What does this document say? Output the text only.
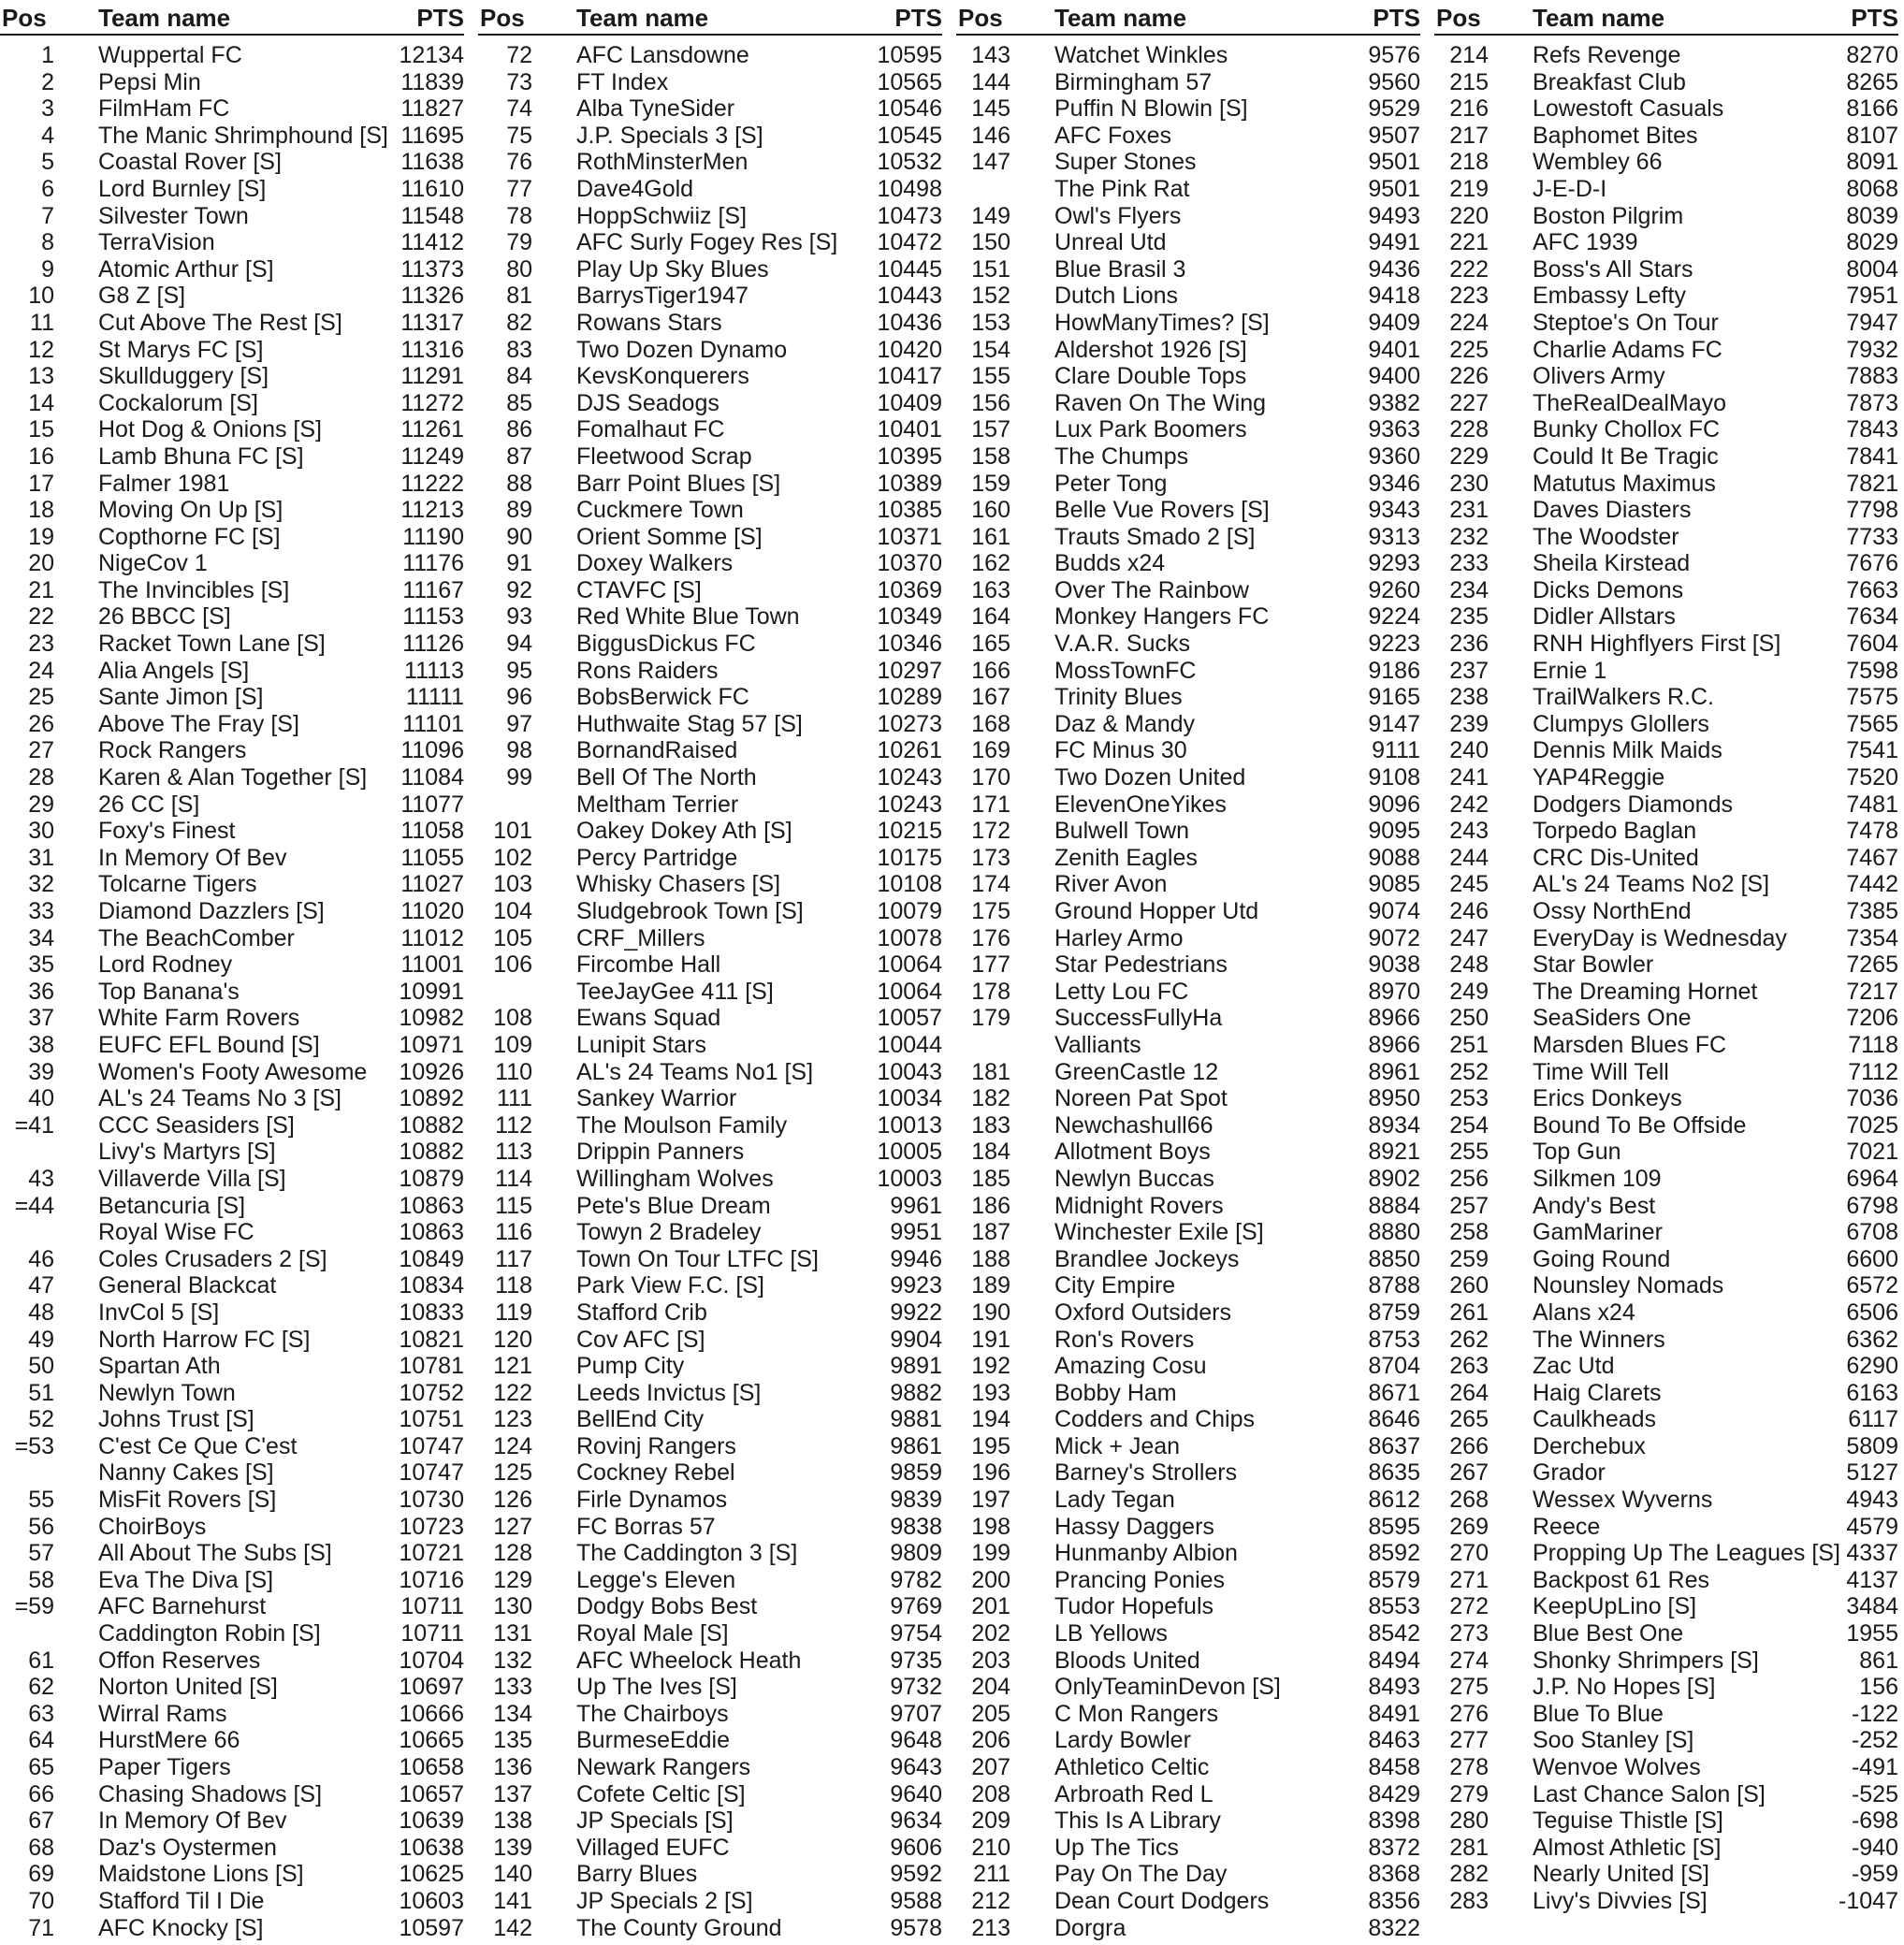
Pos	Team name	PTS
1 Wuppertal FC	12134
2 Pepsi Min	11839
3 FilmHam FC	11827
4 The Manic Shrimphound [S] 11695
5 Coastal Rover [S]	11638
6 Lord Burnley [S]	11610
7 Silvester Town	11548
8 TerraVision	11412
9 Atomic Arthur [S]	11373
10 G8 Z [S]	11326
11 Cut Above The Rest [S]	11317
12 St Marys FC [S]	11316
13 Skullduggery [S]	11291
14 Cockalorum [S]	11272
15 Hot Dog & Onions [S]	11261
16 Lamb Bhuna FC [S]	11249
17 Falmer 1981	11222
18 Moving On Up [S]	11213
19 Copthorne FC [S]	11190
20 NigeCov 1	11176
21 The Invincibles [S]	11167
22 26 BBCC [S]	11153
23 Racket Town Lane [S]	11126
24 Alia Angels [S]	11113
25 Sante Jimon [S]	11111
26 Above The Fray [S]	11101
27 Rock Rangers	11096
28 Karen & Alan Together [S] 11084
29 26 CC [S]	11077
30 Foxy's Finest	11058
31 In Memory Of Bev	11055
32 Tolcarne Tigers	11027
33 Diamond Dazzlers [S]	11020
34 The BeachComber	11012
35 Lord Rodney	11001
36 Top Banana's	10991
37 White Farm Rovers	10982
38 EUFC EFL Bound [S]	10971
39 Women's Footy Awesome 10926
40 AL's 24 Teams No 3 [S] 10892
=41 CCC Seasiders [S]	10882
Livy's Martyrs [S]	10882
43 Villaverde Villa [S]	10879
=44 Betancuria [S]	10863
Royal Wise FC	10863
46 Coles Crusaders 2 [S]	10849
47 General Blackcat	10834
48 InvCol 5 [S]	10833
49 North Harrow FC [S]	10821
50 Spartan Ath	10781
51 Newlyn Town	10752
52 Johns Trust [S]	10751
=53 C'est Ce Que C'est	10747
Nanny Cakes [S]	10747
55 MisFit Rovers [S]	10730
56 ChoirBoys	10723
57 All About The Subs [S]	10721
58 Eva The Diva [S]	10716
=59 AFC Barnehurst	10711
Caddington Robin [S]	10711
61 Offon Reserves	10704
62 Norton United [S]	10697
63 Wirral Rams	10666
64 HurstMere 66	10665
65 Paper Tigers	10658
66 Chasing Shadows [S]	10657
67 In Memory Of Bev	10639
68 Daz's Oystermen	10638
69 Maidstone Lions [S]	10625
70 Stafford Til I Die	10603
71 AFC Knocky [S]	10597
Pos	Team name	PTS
72 AFC Lansdowne	10595
73 FT Index	10565
74 Alba TyneSider	10546
75 J.P. Specials 3 [S]	10545
76 RothMinsterMen	10532
77 Dave4Gold	10498
78 HoppSchwiiz [S]	10473
79 AFC Surly Fogey Res [S] 10472
80 Play Up Sky Blues	10445
81 BarrysTiger1947	10443
82 Rowans Stars	10436
83 Two Dozen Dynamo	10420
84 KevsKonquerers	10417
85 DJS Seadogs	10409
86 Fomalhaut FC	10401
87 Fleetwood Scrap	10395
88 Barr Point Blues [S]	10389
89 Cuckmere Town	10385
90 Orient Somme [S]	10371
91 Doxey Walkers	10370
92 CTAVFC [S]	10369
93 Red White Blue Town	10349
94 BiggusDickus FC	10346
95 Rons Raiders	10297
96 BobsBerwick FC	10289
97 Huthwaite Stag 57 [S]	10273
98 BornandRaised	10261
99 Bell Of The North	10243
Meltham Terrier	10243
101 Oakey Dokey Ath [S]	10215
102 Percy Partridge	10175
103 Whisky Chasers [S]	10108
104 Sludgebrook Town [S]	10079
105 CRF_Millers	10078
106 Fircombe Hall	10064
TeeJayGee 411 [S]	10064
108 Ewans Squad	10057
109 Lunipit Stars	10044
110 AL's 24 Teams No1 [S]	10043
111 Sankey Warrior	10034
112 The Moulson Family	10013
113 Drippin Panners	10005
114 Willingham Wolves	10003
115 Pete's Blue Dream	9961
116 Towyn 2 Bradeley	9951
117 Town On Tour LTFC [S]	9946
118 Park View F.C. [S]	9923
119 Stafford Crib	9922
120 Cov AFC [S]	9904
121 Pump City	9891
122 Leeds Invictus [S]	9882
123 BellEnd City	9881
124 Rovinj Rangers	9861
125 Cockney Rebel	9859
126 Firle Dynamos	9839
127 FC Borras 57	9838
128 The Caddington 3 [S]	9809
129 Legge's Eleven	9782
130 Dodgy Bobs Best	9769
131 Royal Male [S]	9754
132 AFC Wheelock Heath	9735
133 Up The Ives [S]	9732
134 The Chairboys	9707
135 BurmeseEddie	9648
136 Newark Rangers	9643
137 Cofete Celtic [S]	9640
138 JP Specials [S]	9634
139 Villaged EUFC	9606
140 Barry Blues	9592
141 JP Specials 2 [S]	9588
142 The County Ground	9578
Pos	Team name	PTS
143 Watchet Winkles	9576
144 Birmingham 57	9560
145 Puffin N Blowin [S]	9529
146 AFC Foxes	9507
147 Super Stones	9501
The Pink Rat	9501
149 Owl's Flyers	9493
150 Unreal Utd	9491
151 Blue Brasil 3	9436
152 Dutch Lions	9418
153 HowManyTimes? [S]	9409
154 Aldershot 1926 [S]	9401
155 Clare Double Tops	9400
156 Raven On The Wing	9382
157 Lux Park Boomers	9363
158 The Chumps	9360
159 Peter Tong	9346
160 Belle Vue Rovers [S]	9343
161 Trauts Smado 2 [S]	9313
162 Budds x24	9293
163 Over The Rainbow	9260
164 Monkey Hangers FC	9224
165 V.A.R. Sucks	9223
166 MossTownFC	9186
167 Trinity Blues	9165
168 Daz & Mandy	9147
169 FC Minus 30	9111
170 Two Dozen United	9108
171 ElevenOneYikes	9096
172 Bulwell Town	9095
173 Zenith Eagles	9088
174 River Avon	9085
175 Ground Hopper Utd	9074
176 Harley Armo	9072
177 Star Pedestrians	9038
178 Letty Lou FC	8970
179 SuccessFullyHa	8966
Valliants	8966
181 GreenCastle 12	8961
182 Noreen Pat Spot	8950
183 Newchashull66	8934
184 Allotment Boys	8921
185 Newlyn Buccas	8902
186 Midnight Rovers	8884
187 Winchester Exile [S]	8880
188 Brandlee Jockeys	8850
189 City Empire	8788
190 Oxford Outsiders	8759
191 Ron's Rovers	8753
192 Amazing Cosu	8704
193 Bobby Ham	8671
194 Codders and Chips	8646
195 Mick + Jean	8637
196 Barney's Strollers	8635
197 Lady Tegan	8612
198 Hassy Daggers	8595
199 Hunmanby Albion	8592
200 Prancing Ponies	8579
201 Tudor Hopefuls	8553
202 LB Yellows	8542
203 Bloods United	8494
204 OnlyTeaminDevon [S]	8493
205 C Mon Rangers	8491
206 Lardy Bowler	8463
207 Athletico Celtic	8458
208 Arbroath Red L	8429
209 This Is A Library	8398
210 Up The Tics	8372
211 Pay On The Day	8368
212 Dean Court Dodgers	8356
213 Dorgra	8322
Pos	Team name	PTS
214 Refs Revenge	8270
215 Breakfast Club	8265
216 Lowestoft Casuals	8166
217 Baphomet Bites	8107
218 Wembley 66	8091
219 J-E-D-I	8068
220 Boston Pilgrim	8039
221 AFC 1939	8029
222 Boss's All Stars	8004
223 Embassy Lefty	7951
224 Steptoe's On Tour	7947
225 Charlie Adams FC	7932
226 Olivers Army	7883
227 TheRealDealMayo	7873
228 Bunky Chollox FC	7843
229 Could It Be Tragic	7841
230 Matutus Maximus	7821
231 Daves Diasters	7798
232 The Woodster	7733
233 Sheila Kirstead	7676
234 Dicks Demons	7663
235 Didler Allstars	7634
236 RNH Highflyers First [S]	7604
237 Ernie 1	7598
238 TrailWalkers R.C.	7575
239 Clumpys Glollers	7565
240 Dennis Milk Maids	7541
241 YAP4Reggie	7520
242 Dodgers Diamonds	7481
243 Torpedo Baglan	7478
244 CRC Dis-United	7467
245 AL's 24 Teams No2 [S]	7442
246 Ossy NorthEnd	7385
247 EveryDay is Wednesday	7354
248 Star Bowler	7265
249 The Dreaming Hornet	7217
250 SeaSiders One	7206
251 Marsden Blues FC	7118
252 Time Will Tell	7112
253 Erics Donkeys	7036
254 Bound To Be Offside	7025
255 Top Gun	7021
256 Silkmen 109	6964
257 Andy's Best	6798
258 GamMariner	6708
259 Going Round	6600
260 Nounsley Nomads	6572
261 Alans x24	6506
262 The Winners	6362
263 Zac Utd	6290
264 Haig Clarets	6163
265 Caulkheads	6117
266 Derchebux	5809
267 Grador	5127
268 Wessex Wyverns	4943
269 Reece	4579
270 Propping Up The Leagues [S] 4337
271 Backpost 61 Res	4137
272 KeepUpLino [S]	3484
273 Blue Best One	1955
274 Shonky Shrimpers [S]	861
275 J.P. No Hopes [S]	156
276 Blue To Blue	-122
277 Soo Stanley [S]	-252
278 Wenvoe Wolves	-491
279 Last Chance Salon [S]	-525
280 Teguise Thistle [S]	-698
281 Almost Athletic [S]	-940
282 Nearly United [S]	-959
283 Livy's Divvies [S]	-1047
